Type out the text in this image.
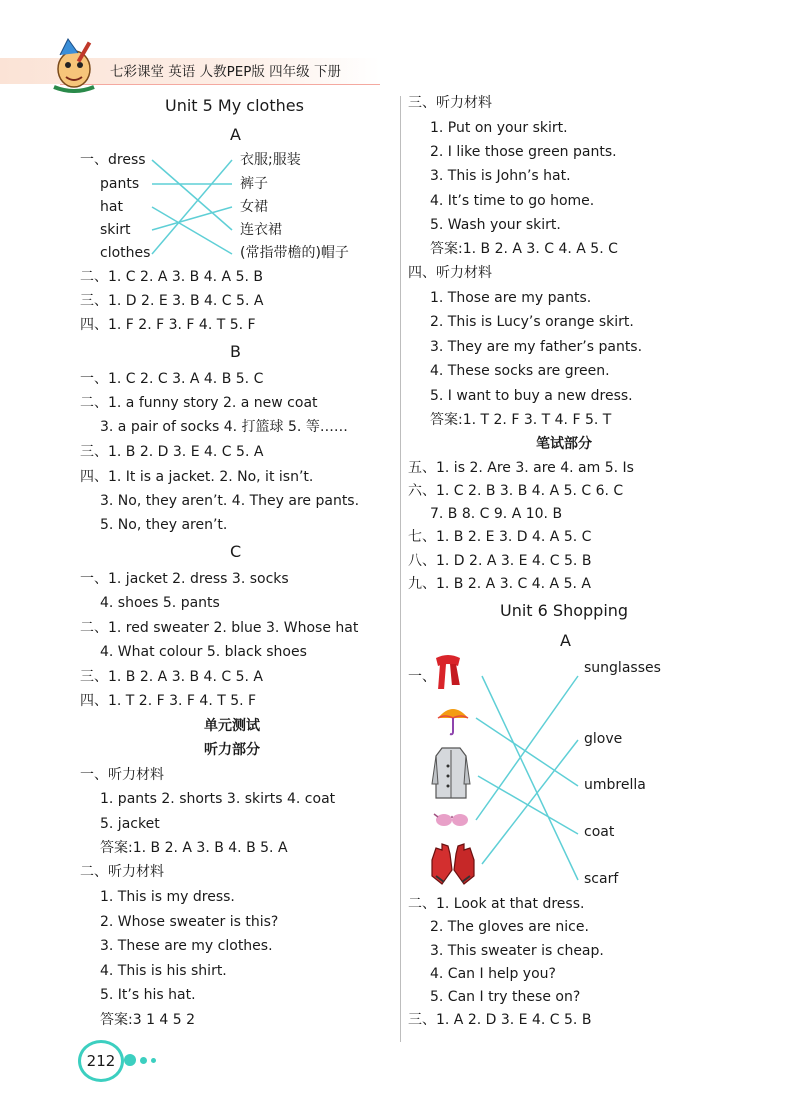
七彩课堂 英语 人教PEP版 四年级 下册
Unit 5 My clothes
A
一、dress
pants
hat
skirt
clothes
衣服;服装
裤子
女裙
连衣裙
(常指带檐的)帽子
二、1. C 2. A 3. B 4. A 5. B
三、1. D 2. E 3. B 4. C 5. A
四、1. F 2. F 3. F 4. T 5. F
B
一、1. C 2. C 3. A 4. B 5. C
二、1. a funny story 2. a new coat
3. a pair of socks 4. 打篮球 5. 等……
三、1. B 2. D 3. E 4. C 5. A
四、1. It is a jacket. 2. No, it isn’t.
3. No, they aren’t. 4. They are pants.
5. No, they aren’t.
C
一、1. jacket 2. dress 3. socks
4. shoes 5. pants
二、1. red sweater 2. blue 3. Whose hat
4. What colour 5. black shoes
三、1. B 2. A 3. B 4. C 5. A
四、1. T 2. F 3. F 4. T 5. F
单元测试
听力部分
一、听力材料
1. pants 2. shorts 3. skirts 4. coat
5. jacket
答案:1. B 2. A 3. B 4. B 5. A
二、听力材料
1. This is my dress.
2. Whose sweater is this?
3. These are my clothes.
4. This is his shirt.
5. It’s his hat.
答案:3 1 4 5 2
三、听力材料
1. Put on your skirt.
2. I like those green pants.
3. This is John’s hat.
4. It’s time to go home.
5. Wash your skirt.
答案:1. B 2. A 3. C 4. A 5. C
四、听力材料
1. Those are my pants.
2. This is Lucy’s orange skirt.
3. They are my father’s pants.
4. These socks are green.
5. I want to buy a new dress.
答案:1. T 2. F 3. T 4. F 5. T
笔试部分
五、1. is 2. Are 3. are 4. am 5. Is
六、1. C 2. B 3. B 4. A 5. C 6. C
7. B 8. C 9. A 10. B
七、1. B 2. E 3. D 4. A 5. C
八、1. D 2. A 3. E 4. C 5. B
九、1. B 2. A 3. C 4. A 5. A
Unit 6 Shopping
A
一、
sunglasses
glove
umbrella
coat
scarf
二、1. Look at that dress.
2. The gloves are nice.
3. This sweater is cheap.
4. Can I help you?
5. Can I try these on?
三、1. A 2. D 3. E 4. C 5. B
212
